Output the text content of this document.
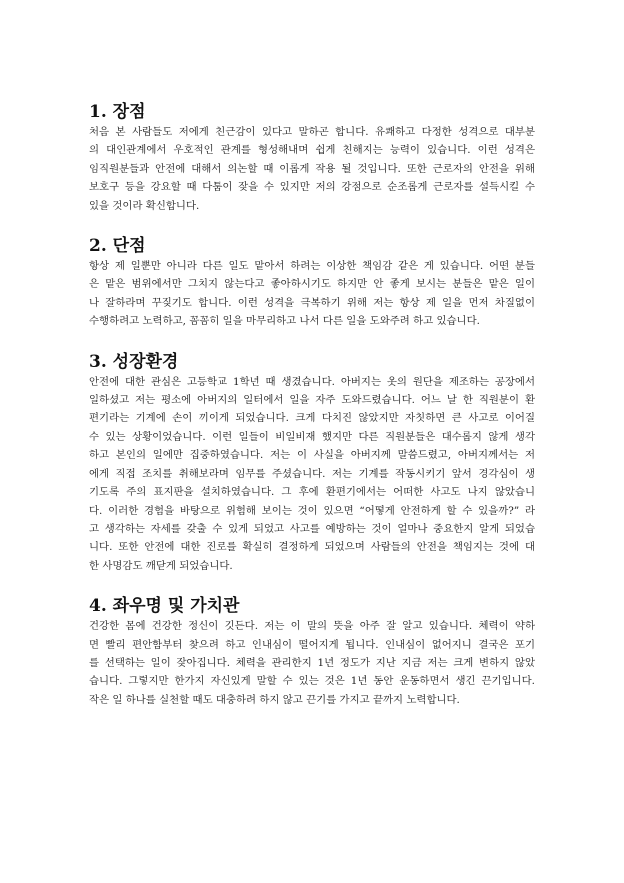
1. 장점
처음 본 사람들도 저에게 친근감이 있다고 말하곤 합니다. 유쾌하고 다정한 성격으로 대부분
의 대인관계에서 우호적인 관계를 형성해내며 쉽게 친해지는 능력이 있습니다. 이런 성격은
임직원분들과 안전에 대해서 의논할 때 이롭게 작용 될 것입니다. 또한 근로자의 안전을 위해
보호구 등을 강요할 때 다툼이 잦을 수 있지만 저의 강점으로 순조롭게 근로자를 설득시킬 수
있을 것이라 확신합니다.
2. 단점
항상 제 일뿐만 아니라 다른 일도 맡아서 하려는 이상한 책임감 같은 게 있습니다. 어떤 분들
은 맡은 범위에서만 그치지 않는다고 좋아하시기도 하지만 안 좋게 보시는 분들은 맡은 일이
나 잘하라며 꾸짖기도 합니다. 이런 성격을 극복하기 위해 저는 항상 제 일을 먼저 차질없이
수행하려고 노력하고, 꼼꼼히 일을 마무리하고 나서 다른 일을 도와주려 하고 있습니다.
3. 성장환경
안전에 대한 관심은 고등학교 1학년 때 생겼습니다. 아버지는 옷의 원단을 제조하는 공장에서
일하셨고 저는 평소에 아버지의 일터에서 일을 자주 도와드렸습니다. 어느 날 한 직원분이 환
편기라는 기계에 손이 끼이게 되었습니다. 크게 다치진 않았지만 자칫하면 큰 사고로 이어질
수 있는 상황이었습니다. 이런 일들이 비일비재 했지만 다른 직원분들은 대수롭지 않게 생각
하고 본인의 일에만 집중하였습니다. 저는 이 사실을 아버지께 말씀드렸고, 아버지께서는 저
에게 직접 조치를 취해보라며 임무를 주셨습니다. 저는 기계를 작동시키기 앞서 경각심이 생
기도록 주의 표지판을 설치하였습니다. 그 후에 환편기에서는 어떠한 사고도 나지 않았습니
다. 이러한 경험을 바탕으로 위험해 보이는 것이 있으면 “어떻게 안전하게 할 수 있을까?” 라
고 생각하는 자세를 갖출 수 있게 되었고 사고를 예방하는 것이 얼마나 중요한지 알게 되었습
니다. 또한 안전에 대한 진로를 확실히 결정하게 되었으며 사람들의 안전을 책임지는 것에 대
한 사명감도 깨닫게 되었습니다.
4. 좌우명 및 가치관
건강한 몸에 건강한 정신이 깃든다. 저는 이 말의 뜻을 아주 잘 알고 있습니다. 체력이 약하
면 빨리 편안함부터 찾으려 하고 인내심이 떨어지게 됩니다. 인내심이 없어지니 결국은 포기
를 선택하는 일이 잦아집니다. 체력을 관리한지 1년 정도가 지난 지금 저는 크게 변하지 않았
습니다. 그렇지만 한가지 자신있게 말할 수 있는 것은 1년 동안 운동하면서 생긴 끈기입니다.
작은 일 하나를 실천할 때도 대충하려 하지 않고 끈기를 가지고 끝까지 노력합니다.
